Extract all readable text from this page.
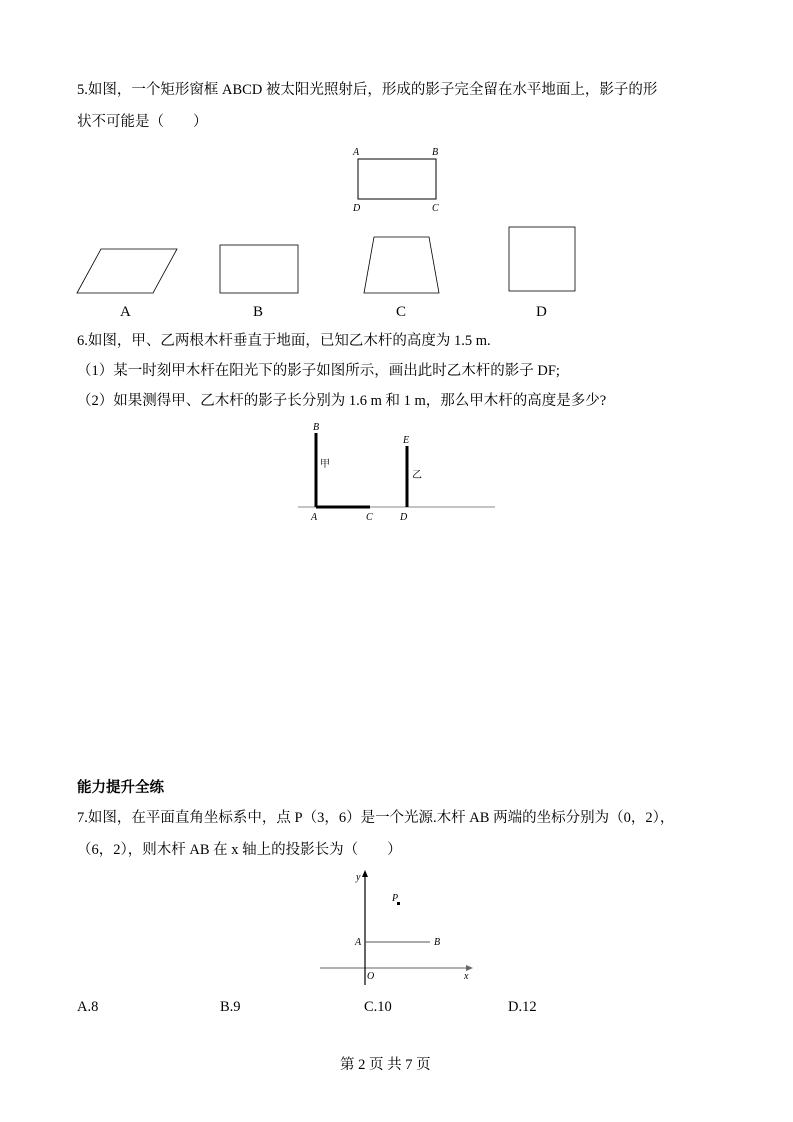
5.如图，一个矩形窗框 ABCD 被太阳光照射后，形成的影子完全留在水平地面上，影子的形
状不可能是（　　）
A	B
D	C
A	B	C	D
B
甲
A	C
E
乙
D
y
P
A	B
O	x
6.如图，甲、乙两根木杆垂直于地面，已知乙木杆的高度为 1.5 m.
（1）某一时刻甲木杆在阳光下的影子如图所示，画出此时乙木杆的影子 DF;
（2）如果测得甲、乙木杆的影子长分别为 1.6 m 和 1 m，那么甲木杆的高度是多少?
能力提升全练
7.如图，在平面直角坐标系中，点 P（3，6）是一个光源.木杆 AB 两端的坐标分别为（0，2），
（6，2），则木杆 AB 在 x 轴上的投影长为（　　）
A.8	B.9	C.10	D.12
第 2 页 共 7 页
